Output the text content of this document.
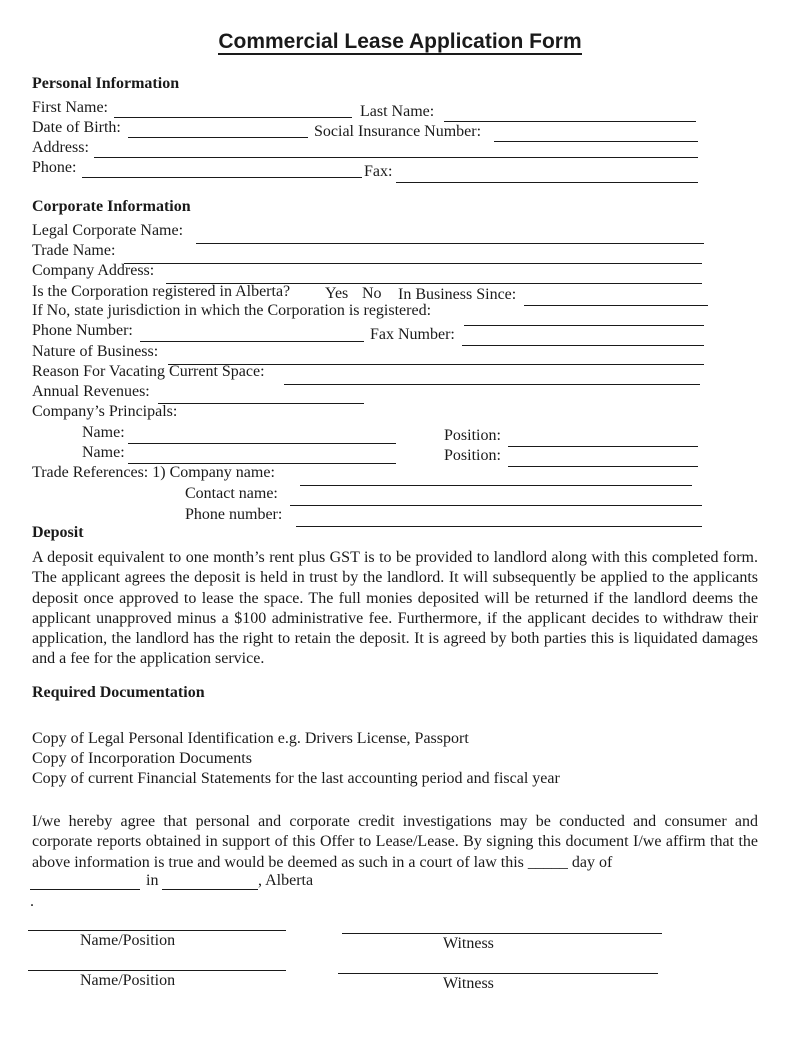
Commercial Lease Application Form
Personal Information
First Name:	Last Name:
Date of Birth:	Social Insurance Number:
Address:
Phone:	Fax:
Corporate Information
Legal Corporate Name:
Trade Name:
Company Address:
Is the Corporation registered in Alberta? Yes No In Business Since:
If No, state jurisdiction in which the Corporation is registered:
Phone Number:	Fax Number:
Nature of Business:
Reason For Vacating Current Space:
Annual Revenues:
Company’s Principals:
Name:	Position:
Name:	Position:
Trade References: 1) Company name:
Contact name:
Phone number:
Deposit
A deposit equivalent to one month’s rent plus GST is to be provided to landlord along with this completed form. The applicant agrees the deposit is held in trust by the landlord. It will subsequently be applied to the applicants deposit once approved to lease the space. The full monies deposited will be returned if the landlord deems the applicant unapproved minus a $100 administrative fee. Furthermore, if the applicant decides to withdraw their application, the landlord has the right to retain the deposit. It is agreed by both parties this is liquidated damages and a fee for the application service.
Required Documentation
Copy of Legal Personal Identification e.g. Drivers License, Passport
Copy of Incorporation Documents
Copy of current Financial Statements for the last accounting period and fiscal year
I/we hereby agree that personal and corporate credit investigations may be conducted and consumer and corporate reports obtained in support of this Offer to Lease/Lease. By signing this document I/we affirm that the above information is true and would be deemed as such in a court of law this _____ day of
in	, Alberta
.
Name/Position	Witness
Name/Position	Witness
